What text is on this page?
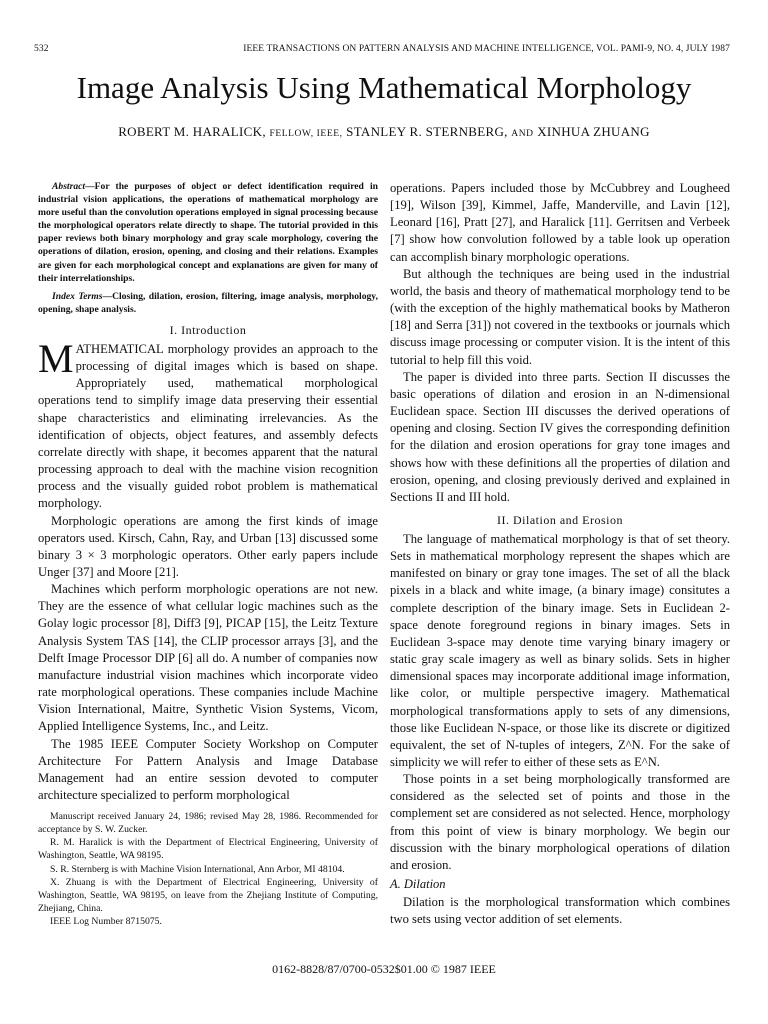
532	IEEE TRANSACTIONS ON PATTERN ANALYSIS AND MACHINE INTELLIGENCE, VOL. PAMI-9, NO. 4, JULY 1987
Image Analysis Using Mathematical Morphology
ROBERT M. HARALICK, FELLOW, IEEE, STANLEY R. STERNBERG, AND XINHUA ZHUANG

Abstract—For the purposes of object or defect identification required in industrial vision applications, the operations of mathematical morphology are more useful than the convolution operations employed in signal processing because the morphological operators relate directly to shape. The tutorial provided in this paper reviews both binary morphology and gray scale morphology, covering the operations of dilation, erosion, opening, and closing and their relations. Examples are given for each morphological concept and explanations are given for many of their interrelationships.

Index Terms—Closing, dilation, erosion, filtering, image analysis, morphology, opening, shape analysis.

I. Introduction

MATHEMATICAL morphology provides an approach to the processing of digital images which is based on shape. Appropriately used, mathematical morphological operations tend to simplify image data preserving their essential shape characteristics and eliminating irrelevancies. As the identification of objects, object features, and assembly defects correlate directly with shape, it becomes apparent that the natural processing approach to deal with the machine vision recognition process and the visually guided robot problem is mathematical morphology.

Morphologic operations are among the first kinds of image operators used. Kirsch, Cahn, Ray, and Urban [13] discussed some binary 3 × 3 morphologic operators. Other early papers include Unger [37] and Moore [21].

Machines which perform morphologic operations are not new. They are the essence of what cellular logic machines such as the Golay logic processor [8], Diff3 [9], PICAP [15], the Leitz Texture Analysis System TAS [14], the CLIP processor arrays [3], and the Delft Image Processor DIP [6] all do. A number of companies now manufacture industrial vision machines which incorporate video rate morphological operations. These companies include Machine Vision International, Maitre, Synthetic Vision Systems, Vicom, Applied Intelligence Systems, Inc., and Leitz.

The 1985 IEEE Computer Society Workshop on Computer Architecture For Pattern Analysis and Image Database Management had an entire session devoted to computer architecture specialized to perform morphological

Manuscript received January 24, 1986; revised May 28, 1986. Recommended for acceptance by S. W. Zucker.

R. M. Haralick is with the Department of Electrical Engineering, University of Washington, Seattle, WA 98195.

S. R. Sternberg is with Machine Vision International, Ann Arbor, MI 48104.

X. Zhuang is with the Department of Electrical Engineering, University of Washington, Seattle, WA 98195, on leave from the Zhejiang Institute of Computing, Zhejiang, China.

IEEE Log Number 8715075.

operations. Papers included those by McCubbrey and Lougheed [19], Wilson [39], Kimmel, Jaffe, Manderville, and Lavin [12], Leonard [16], Pratt [27], and Haralick [11]. Gerritsen and Verbeek [7] show how convolution followed by a table look up operation can accomplish binary morphologic operations.

But although the techniques are being used in the industrial world, the basis and theory of mathematical morphology tend to be (with the exception of the highly mathematical books by Matheron [18] and Serra [31]) not covered in the textbooks or journals which discuss image processing or computer vision. It is the intent of this tutorial to help fill this void.

The paper is divided into three parts. Section II discusses the basic operations of dilation and erosion in an N-dimensional Euclidean space. Section III discusses the derived operations of opening and closing. Section IV gives the corresponding definition for the dilation and erosion operations for gray tone images and shows how with these definitions all the properties of dilation and erosion, opening, and closing previously derived and explained in Sections II and III hold.

II. Dilation and Erosion

The language of mathematical morphology is that of set theory. Sets in mathematical morphology represent the shapes which are manifested on binary or gray tone images. The set of all the black pixels in a black and white image, (a binary image) consitutes a complete description of the binary image. Sets in Euclidean 2-space denote foreground regions in binary images. Sets in Euclidean 3-space may denote time varying binary imagery or static gray scale imagery as well as binary solids. Sets in higher dimensional spaces may incorporate additional image information, like color, or multiple perspective imagery. Mathematical morphological transformations apply to sets of any dimensions, those like Euclidean N-space, or those like its discrete or digitized equivalent, the set of N-tuples of integers, Z^N. For the sake of simplicity we will refer to either of these sets as E^N.

Those points in a set being morphologically transformed are considered as the selected set of points and those in the complement set are considered as not selected. Hence, morphology from this point of view is binary morphology. We begin our discussion with the binary morphological operations of dilation and erosion.

A. Dilation

Dilation is the morphological transformation which combines two sets using vector addition of set elements.

0162-8828/87/0700-0532$01.00 © 1987 IEEE
